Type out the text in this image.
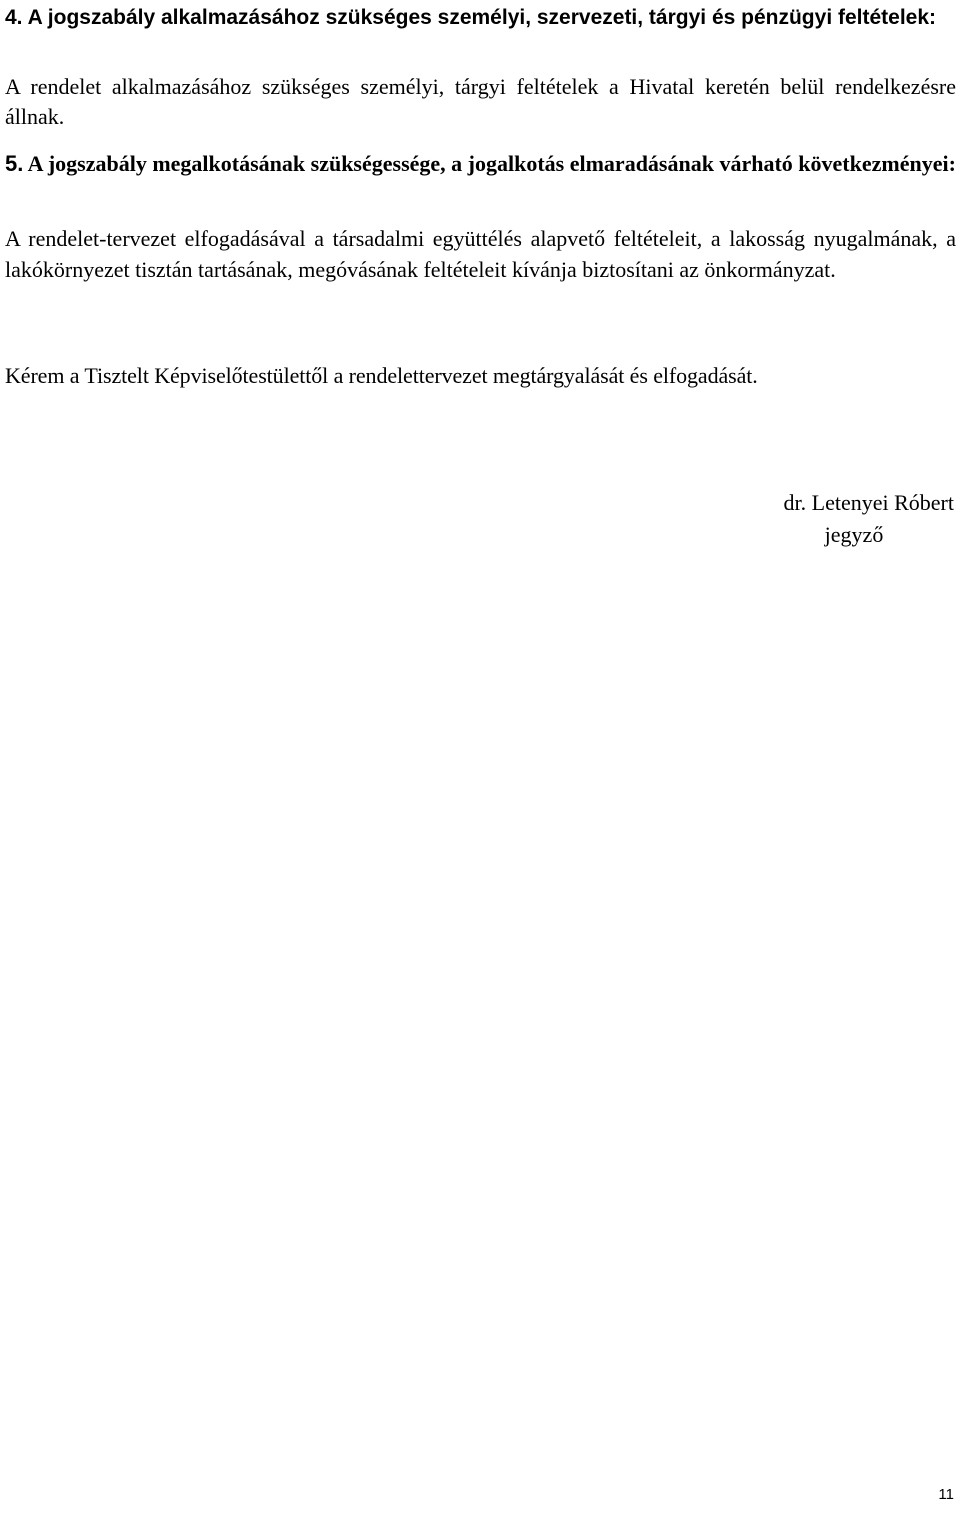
4. A jogszabály alkalmazásához szükséges személyi, szervezeti, tárgyi és pénzügyi feltételek:

A rendelet alkalmazásához szükséges személyi, tárgyi feltételek a Hivatal keretén belül rendelkezésre állnak.

5. A jogszabály megalkotásának szükségessége, a jogalkotás elmaradásának várható következményei:

A rendelet-tervezet elfogadásával a társadalmi együttélés alapvető feltételeit, a lakosság nyugalmának, a lakókörnyezet tisztán tartásának, megóvásának feltételeit kívánja biztosítani az önkormányzat.

Kérem a Tisztelt Képviselőtestülettől a rendelettervezet megtárgyalását és elfogadását.

dr. Letenyei Róbert
jegyző
11
